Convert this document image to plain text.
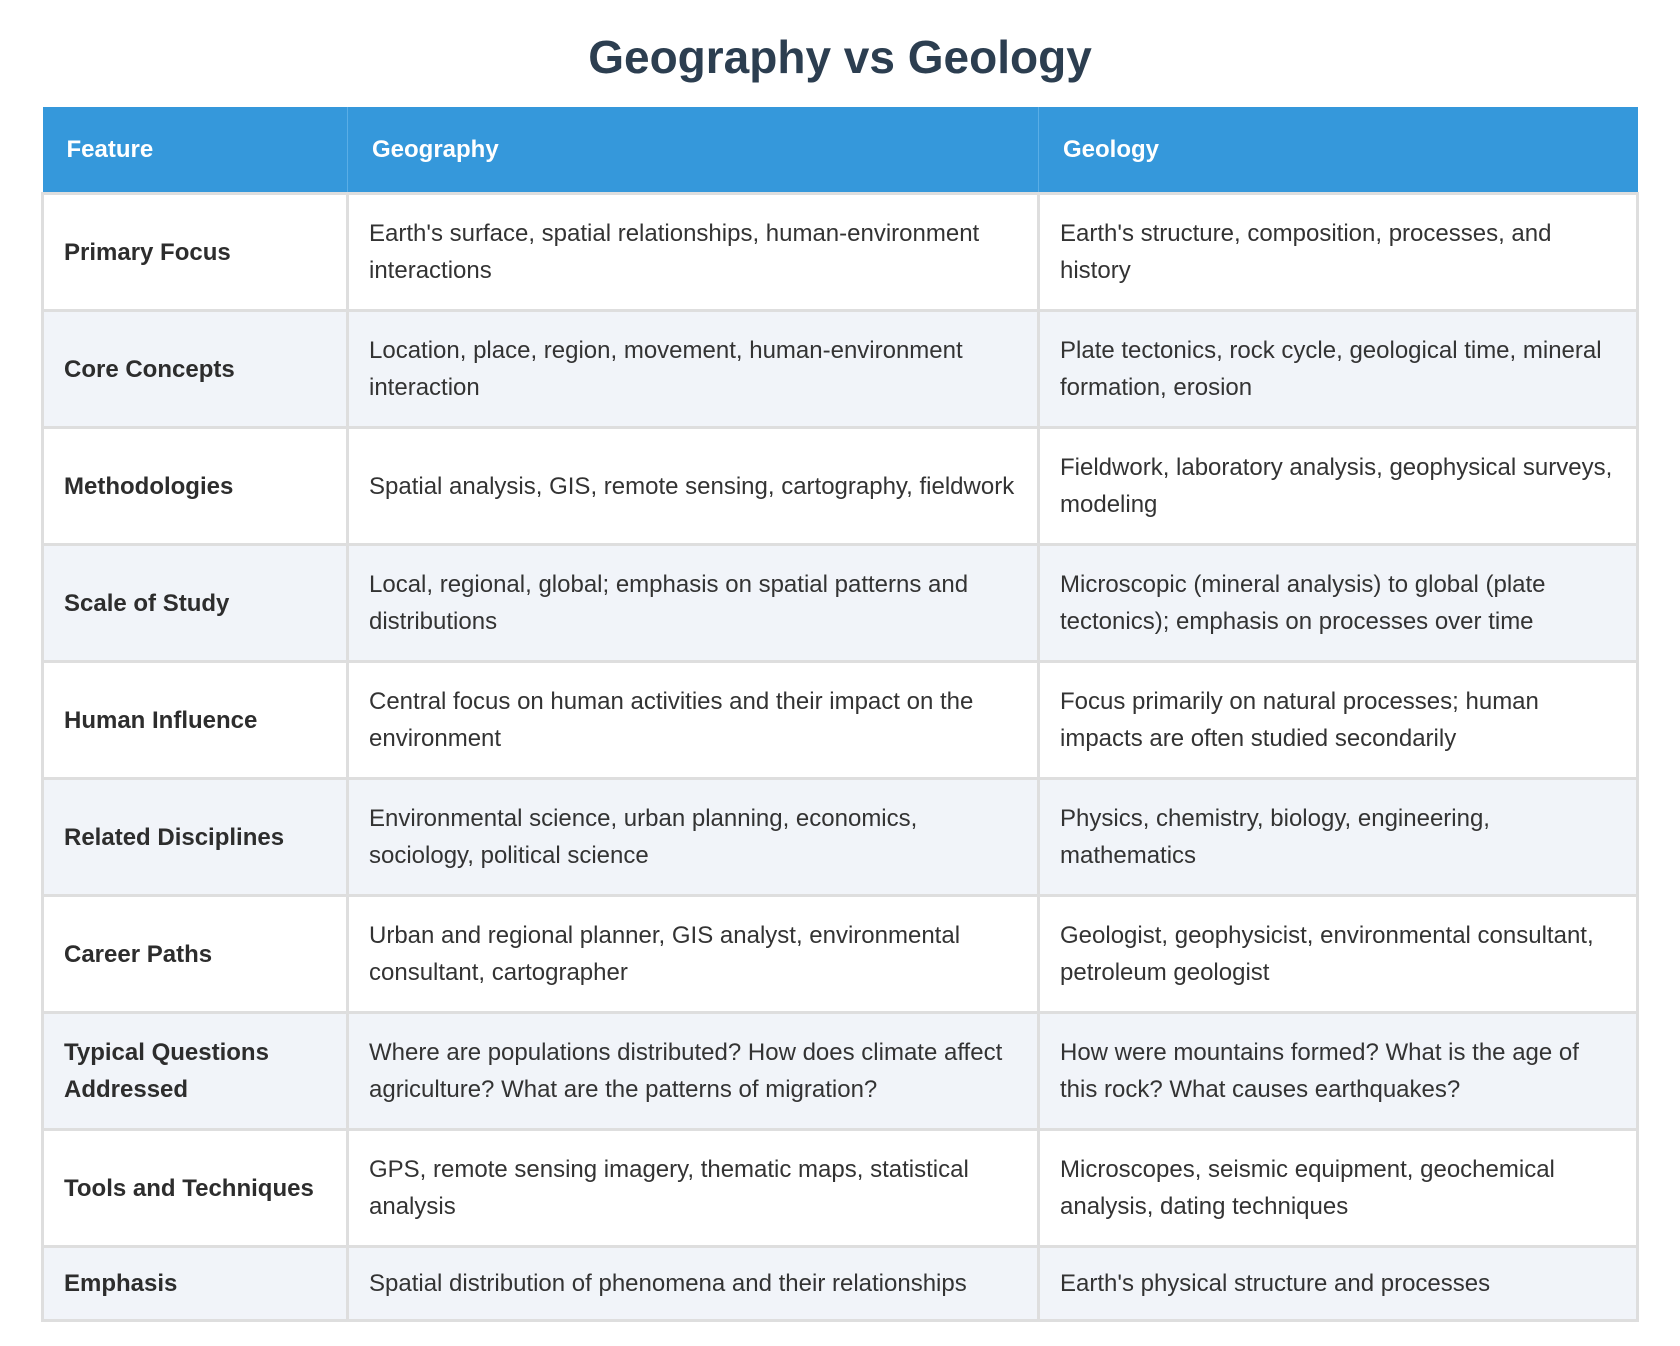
Geography vs Geology
Feature	Geography	Geology
Primary Focus	Earth's surface, spatial relationships, human-environment interactions	Earth's structure, composition, processes, and history
Core Concepts	Location, place, region, movement, human-environment interaction	Plate tectonics, rock cycle, geological time, mineral formation, erosion
Methodologies	Spatial analysis, GIS, remote sensing, cartography, fieldwork	Fieldwork, laboratory analysis, geophysical surveys, modeling
Scale of Study	Local, regional, global; emphasis on spatial patterns and distributions	Microscopic (mineral analysis) to global (plate tectonics); emphasis on processes over time
Human Influence	Central focus on human activities and their impact on the environment	Focus primarily on natural processes; human impacts are often studied secondarily
Related Disciplines	Environmental science, urban planning, economics, sociology, political science	Physics, chemistry, biology, engineering, mathematics
Career Paths	Urban and regional planner, GIS analyst, environmental consultant, cartographer	Geologist, geophysicist, environmental consultant, petroleum geologist
Typical Questions Addressed	Where are populations distributed? How does climate affect agriculture? What are the patterns of migration?	How were mountains formed? What is the age of this rock? What causes earthquakes?
Tools and Techniques	GPS, remote sensing imagery, thematic maps, statistical analysis	Microscopes, seismic equipment, geochemical analysis, dating techniques
Emphasis	Spatial distribution of phenomena and their relationships	Earth's physical structure and processes
